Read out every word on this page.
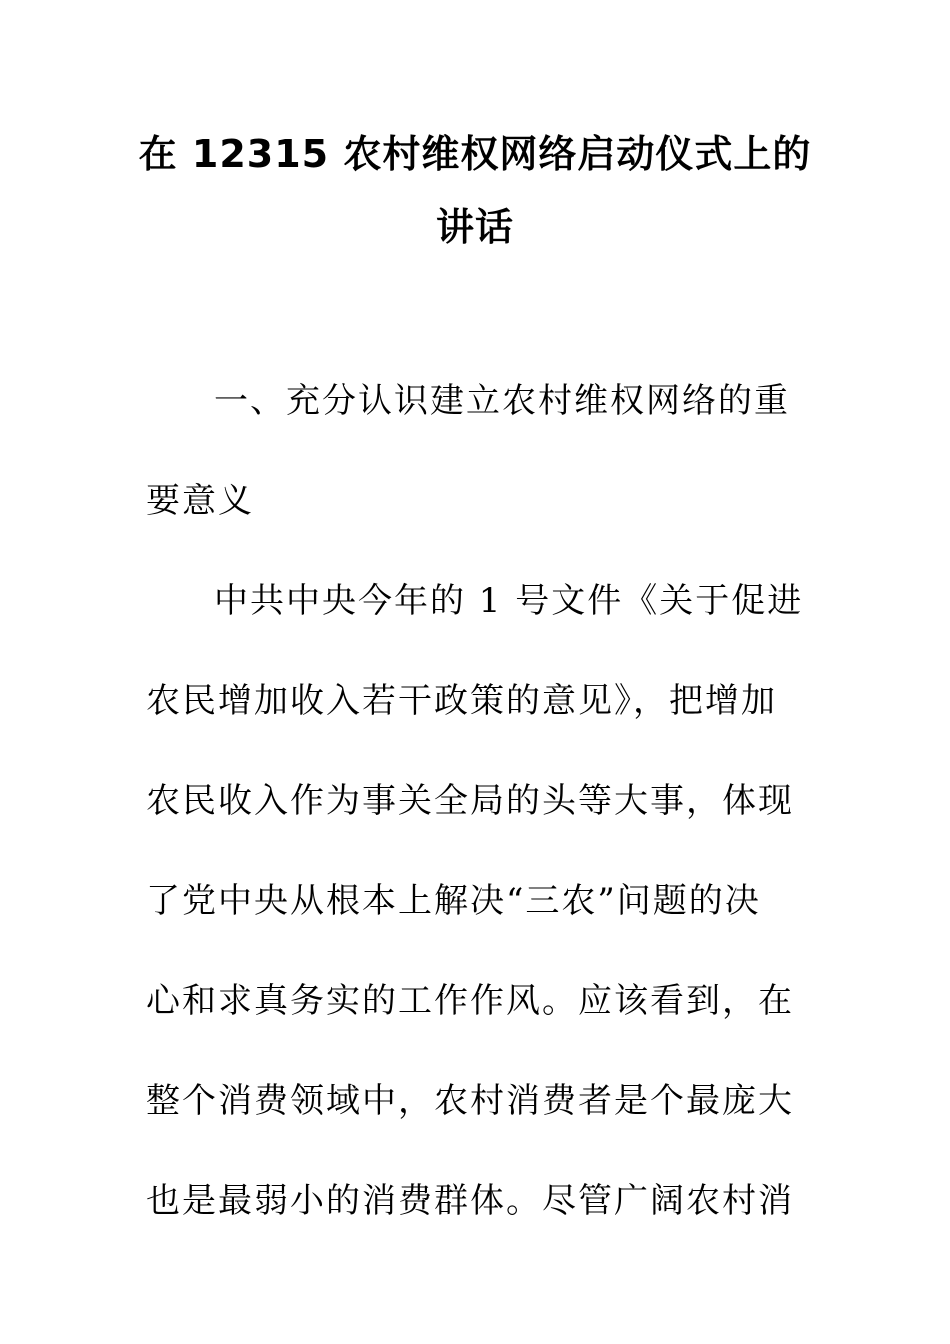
在 12315 农村维权网络启动仪式上的
讲话
一、充分认识建立农村维权网络的重
要意义
中共中央今年的 1 号文件《关于促进
农民增加收入若干政策的意见》，把增加
农民收入作为事关全局的头等大事，体现
了党中央从根本上解决“三农”问题的决
心和求真务实的工作作风。应该看到，在
整个消费领域中，农村消费者是个最庞大
也是最弱小的消费群体。尽管广阔农村消
